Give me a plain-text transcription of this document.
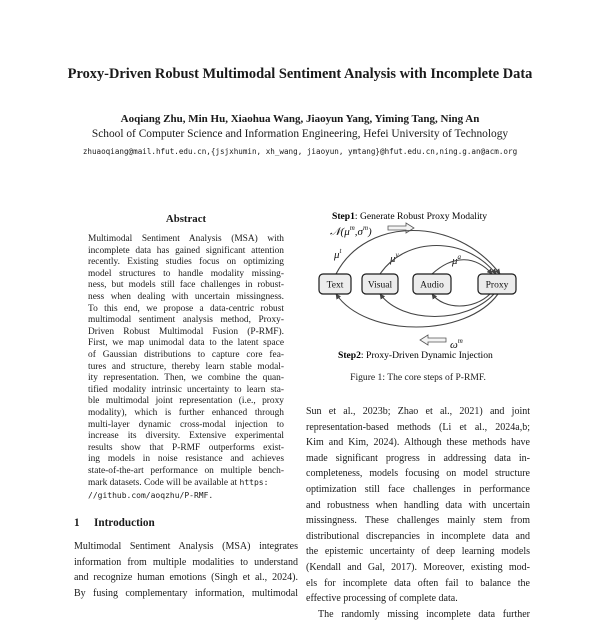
Proxy-Driven Robust Multimodal Sentiment Analysis with Incomplete Data
Aoqiang Zhu, Min Hu, Xiaohua Wang, Jiaoyun Yang, Yiming Tang, Ning An
School of Computer Science and Information Engineering, Hefei University of Technology
zhuaoqiang@mail.hfut.edu.cn,{jsjxhumin, xh_wang, jiaoyun, ymtang}@hfut.edu.cn,ning.g.an@acm.org
Abstract
Multimodal Sentiment Analysis (MSA) with
incomplete data has gained significant attention
recently. Existing studies focus on optimizing
model structures to handle modality missing-
ness, but models still face challenges in robust-
ness when dealing with uncertain missingness.
To this end, we propose a data-centric robust
multimodal sentiment analysis method, Proxy-
Driven Robust Multimodal Fusion (P-RMF).
First, we map unimodal data to the latent space
of Gaussian distributions to capture core fea-
tures and structure, thereby learn stable modal-
ity representation. Then, we combine the quan-
tified modality intrinsic uncertainty to learn sta-
ble multimodal joint representation (i.e., proxy
modality), which is further enhanced through
multi-layer dynamic cross-modal injection to
increase its diversity. Extensive experimental
results show that P-RMF outperforms exist-
ing models in noise resistance and achieves
state-of-the-art performance on multiple bench-
mark datasets. Code will be available at https:
//github.com/aoqzhu/P-RMF.
1 Introduction
Multimodal Sentiment Analysis (MSA) integrates
information from multiple modalities to understand
and recognize human emotions (Singh et al., 2024).
By fusing complementary information, multimodal
Step1: Generate Robust Proxy Modality
$𝒩(\mu^m,\sigma^m)$
$\mu^t$
$\mu^v$	$\mu^a$
Text	Visual	Audio	Proxy
$\omega^m$
Step2: Proxy-Driven Dynamic Injection
Figure 1: The core steps of P-RMF.
Sun et al., 2023b; Zhao et al., 2021) and joint
representation-based methods (Li et al., 2024a,b;
Kim and Kim, 2024). Although these methods have
made significant progress in addressing data in-
completeness, models focusing on model structure
optimization still face challenges in performance
and robustness when handling data with uncertain
missingness. These challenges mainly stem from
distributional discrepancies in incomplete data and
the epistemic uncertainty of deep learning models
(Kendall and Gal, 2017). Moreover, existing mod-
els for incomplete data often fail to balance the
effective processing of complete data.
The randomly missing incomplete data further
